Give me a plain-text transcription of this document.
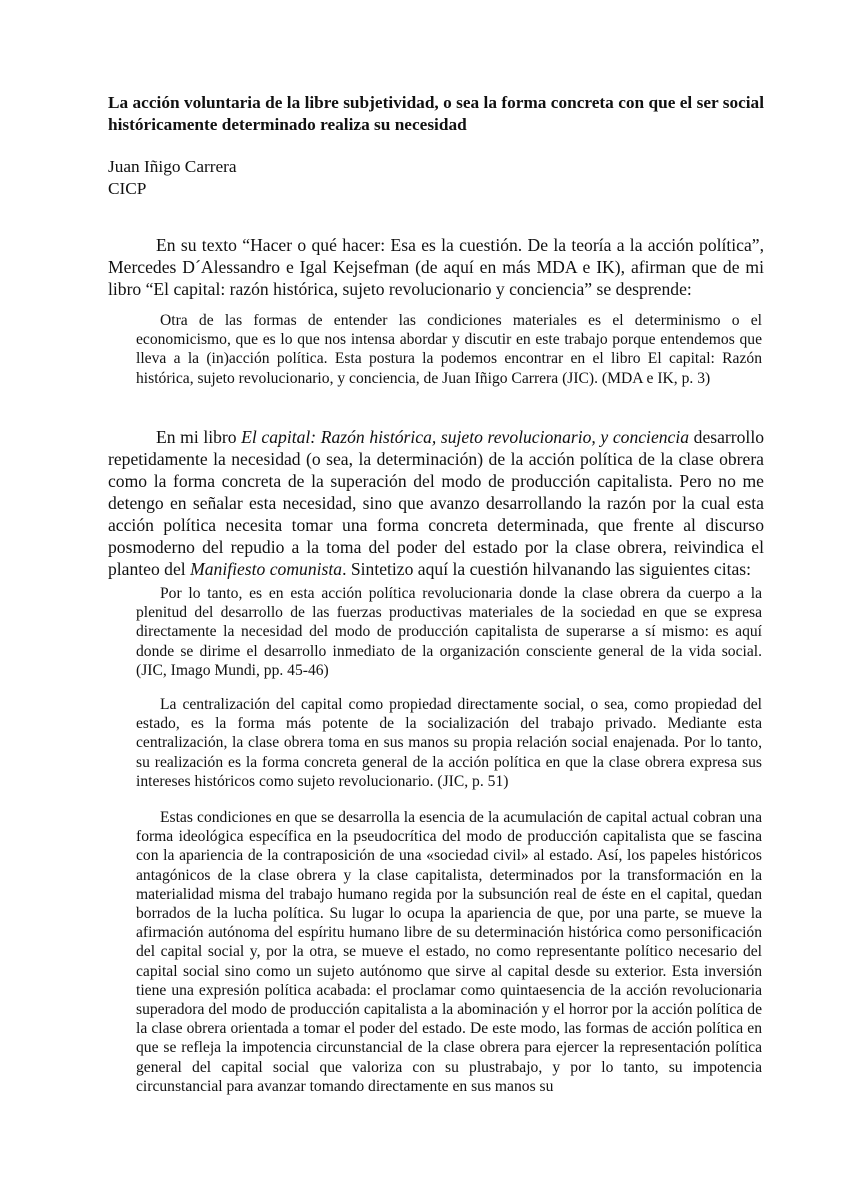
La acción voluntaria de la libre subjetividad, o sea la forma concreta con que el ser social históricamente determinado realiza su necesidad
Juan Iñigo Carrera
CICP

En su texto “Hacer o qué hacer: Esa es la cuestión. De la teoría a la acción política”, Mercedes D´Alessandro e Igal Kejsefman (de aquí en más MDA e IK), afirman que de mi libro “El capital: razón histórica, sujeto revolucionario y conciencia” se desprende:

Otra de las formas de entender las condiciones materiales es el determinismo o el economicismo, que es lo que nos intensa abordar y discutir en este trabajo porque entendemos que lleva a la (in)acción política. Esta postura la podemos encontrar en el libro El capital: Razón histórica, sujeto revolucionario, y conciencia, de Juan Iñigo Carrera (JIC). (MDA e IK, p. 3)

En mi libro El capital: Razón histórica, sujeto revolucionario, y conciencia desarrollo repetidamente la necesidad (o sea, la determinación) de la acción política de la clase obrera como la forma concreta de la superación del modo de producción capitalista. Pero no me detengo en señalar esta necesidad, sino que avanzo desarrollando la razón por la cual esta acción política necesita tomar una forma concreta determinada, que frente al discurso posmoderno del repudio a la toma del poder del estado por la clase obrera, reivindica el planteo del Manifiesto comunista. Sintetizo aquí la cuestión hilvanando las siguientes citas:

Por lo tanto, es en esta acción política revolucionaria donde la clase obrera da cuerpo a la plenitud del desarrollo de las fuerzas productivas materiales de la sociedad en que se expresa directamente la necesidad del modo de producción capitalista de superarse a sí mismo: es aquí donde se dirime el desarrollo inmediato de la organización consciente general de la vida social. (JIC, Imago Mundi, pp. 45-46)

La centralización del capital como propiedad directamente social, o sea, como propiedad del estado, es la forma más potente de la socialización del trabajo privado. Mediante esta centralización, la clase obrera toma en sus manos su propia relación social enajenada. Por lo tanto, su realización es la forma concreta general de la acción política en que la clase obrera expresa sus intereses históricos como sujeto revolucionario. (JIC, p. 51)

Estas condiciones en que se desarrolla la esencia de la acumulación de capital actual cobran una forma ideológica específica en la pseudocrítica del modo de producción capitalista que se fascina con la apariencia de la contraposición de una «sociedad civil» al estado. Así, los papeles históricos antagónicos de la clase obrera y la clase capitalista, determinados por la transformación en la materialidad misma del trabajo humano regida por la subsunción real de éste en el capital, quedan borrados de la lucha política. Su lugar lo ocupa la apariencia de que, por una parte, se mueve la afirmación autónoma del espíritu humano libre de su determinación histórica como personificación del capital social y, por la otra, se mueve el estado, no como representante político necesario del capital social sino como un sujeto autónomo que sirve al capital desde su exterior. Esta inversión tiene una expresión política acabada: el proclamar como quintaesencia de la acción revolucionaria superadora del modo de producción capitalista a la abominación y el horror por la acción política de la clase obrera orientada a tomar el poder del estado. De este modo, las formas de acción política en que se refleja la impotencia circunstancial de la clase obrera para ejercer la representación política general del capital social que valoriza con su plustrabajo, y por lo tanto, su impotencia circunstancial para avanzar tomando directamente en sus manos su
